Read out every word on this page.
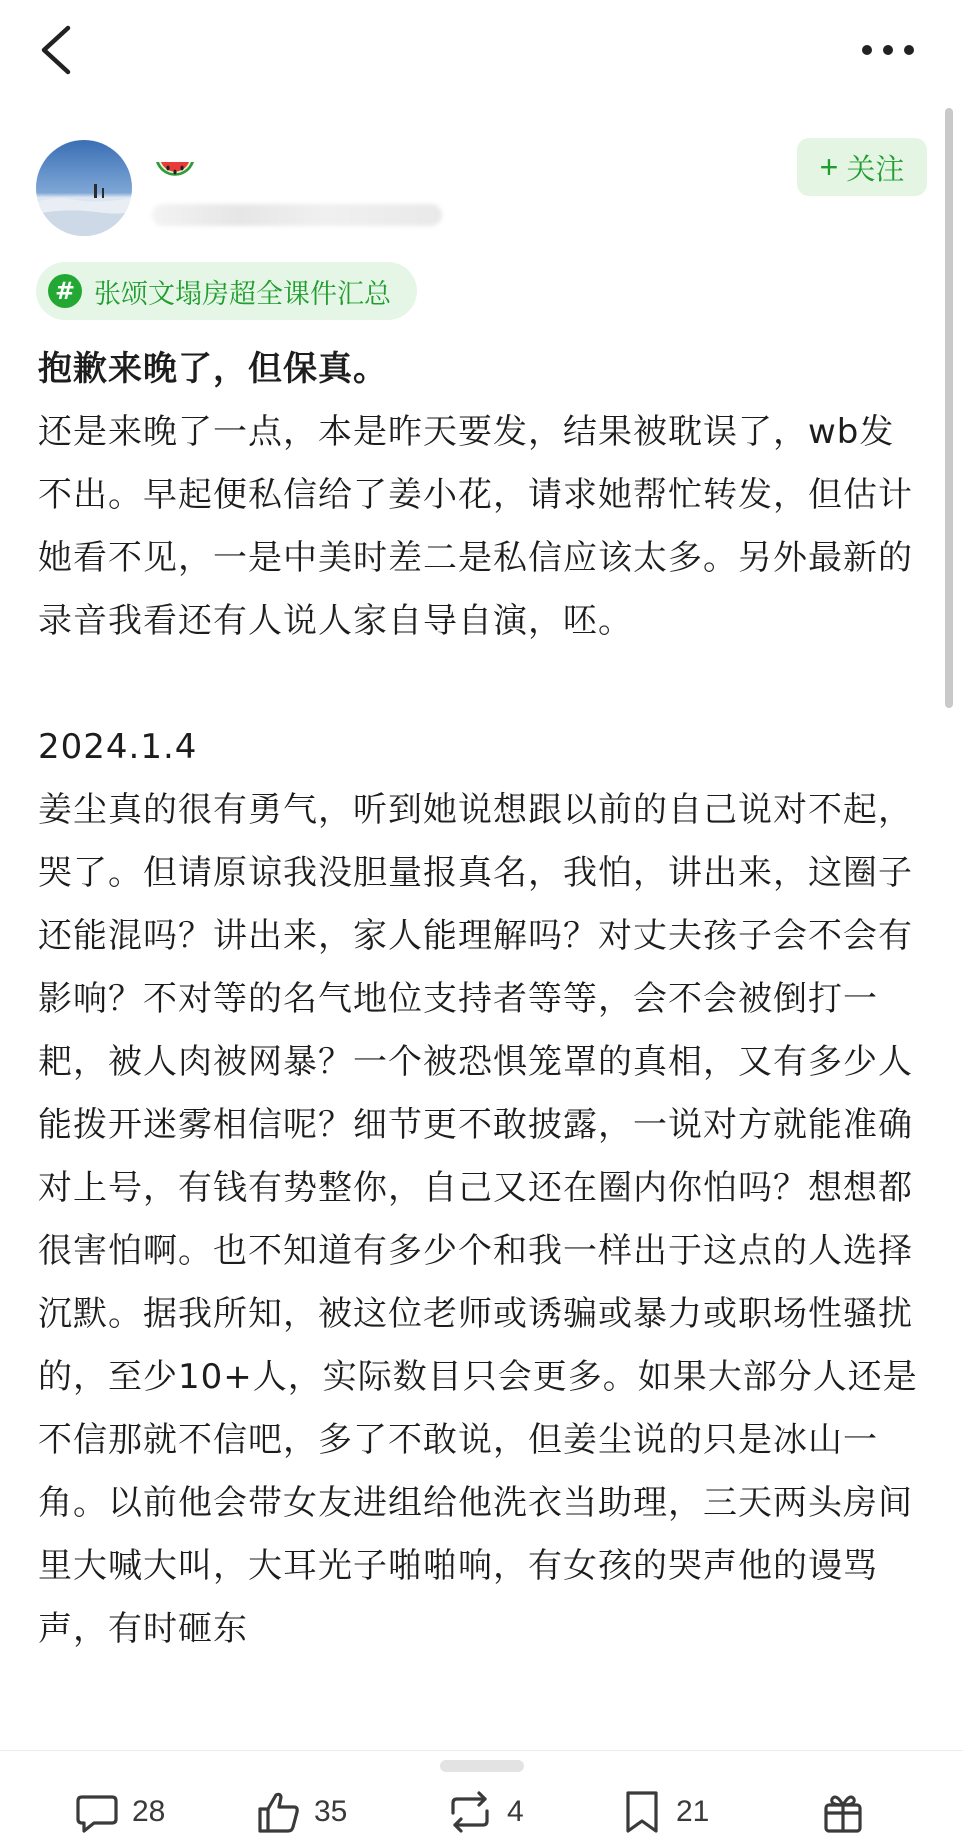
+ 关注
# 张颂文塌房超全课件汇总

抱歉来晚了，但保真。

还是来晚了一点，本是昨天要发，结果被耽误了，wb发不出。早起便私信给了姜小花，请求她帮忙转发，但估计她看不见，一是中美时差二是私信应该太多。另外最新的录音我看还有人说人家自导自演，呸。

2024.1.4

姜尘真的很有勇气，听到她说想跟以前的自己说对不起，哭了。但请原谅我没胆量报真名，我怕，讲出来，这圈子还能混吗？讲出来，家人能理解吗？对丈夫孩子会不会有影响？不对等的名气地位支持者等等，会不会被倒打一耙，被人肉被网暴？一个被恐惧笼罩的真相，又有多少人能拨开迷雾相信呢？细节更不敢披露，一说对方就能准确对上号，有钱有势整你，自己又还在圈内你怕吗？想想都很害怕啊。也不知道有多少个和我一样出于这点的人选择沉默。据我所知，被这位老师或诱骗或暴力或职场性骚扰的，至少10+人，实际数目只会更多。如果大部分人还是不信那就不信吧，多了不敢说，但姜尘说的只是冰山一角。以前他会带女友进组给他洗衣当助理，三天两头房间里大喊大叫，大耳光子啪啪响，有女孩的哭声他的谩骂声，有时砸东

28	35	4	21
